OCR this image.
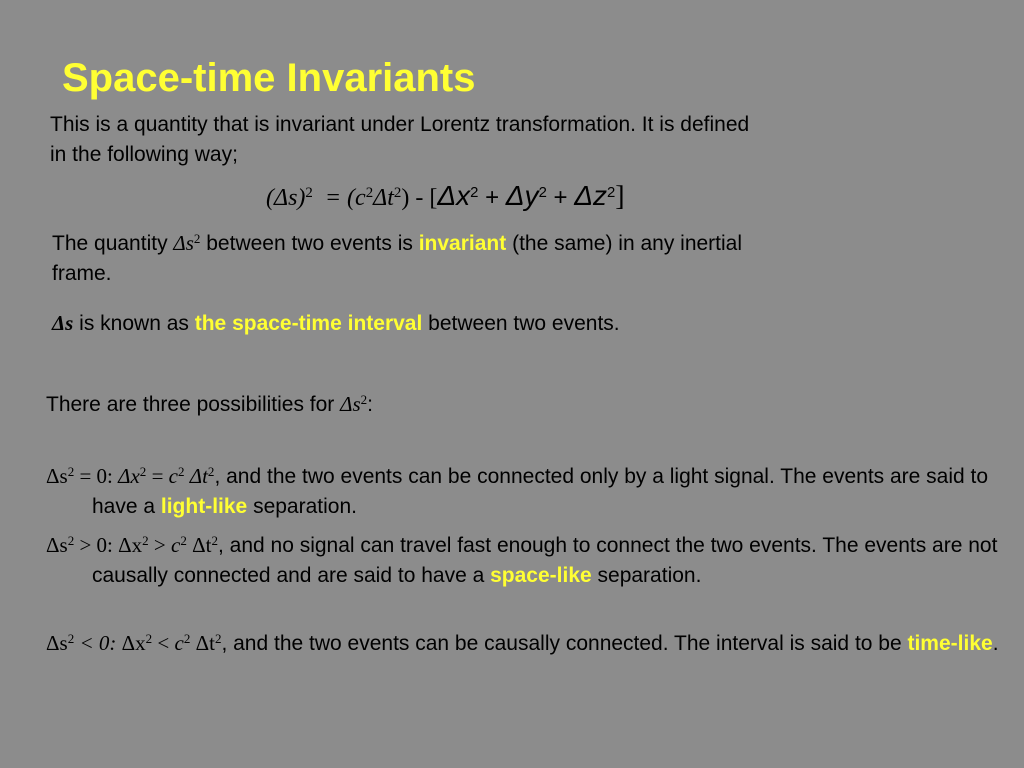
Space-time Invariants
This is a quantity that is invariant under Lorentz transformation. It is defined
in the following way;
$(\Delta s)^2 = (c^2\Delta t^2) - [\Delta x^2 + \Delta y^2 + \Delta z^2]$
The quantity $\Delta s^2$ between two events is invariant (the same) in any inertial
frame.
Δs is known as the space-time interval between two events.
There are three possibilities for $\Delta s^2$:
$\Delta s^2 = 0$: $\Delta x^2 = c^2$ $\Delta t^2$, and the two events can be connected only by a light signal. The events are said to have a light-like separation.
$\Delta s^2 > 0$: $\Delta x^2 > c^2$ $\Delta t^2$, and no signal can travel fast enough to connect the two events. The events are not causally connected and are said to have a space-like separation.
$\Delta s^2 < 0$: $\Delta x^2 < c^2$ $\Delta t^2$, and the two events can be causally connected. The interval is said to be time-like.
